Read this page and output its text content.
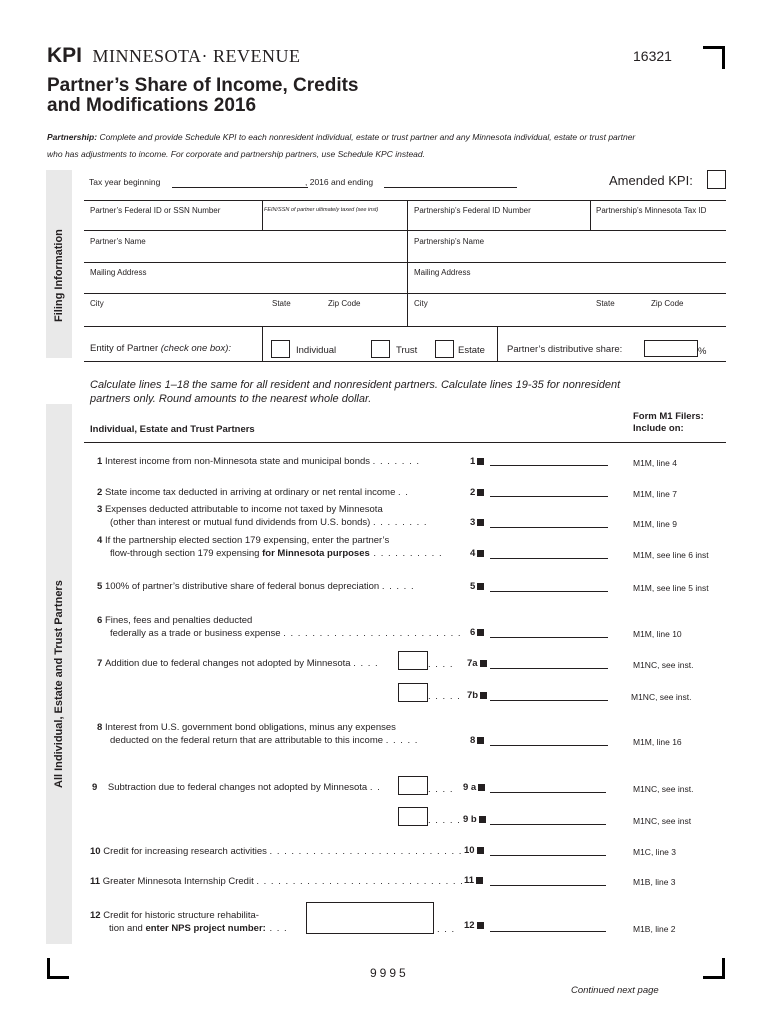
KPI MINNESOTA· REVENUE	16321
Partner’s Share of Income, Credits
and Modifications 2016
Partnership: Complete and provide Schedule KPI to each nonresident individual, estate or trust partner and any Minnesota individual, estate or trust partner
who has adjustments to income. For corporate and partnership partners, use Schedule KPC instead.
Filing Information
Tax year beginning	, 2016 and ending	Amended KPI:
Partner’s Federal ID or SSN Number	FEIN/SSN of partner ultimately taxed (see inst)	Partnership’s Federal ID Number	Partnership’s Minnesota Tax ID
Partner’s Name	Partnership’s Name
Mailing Address	Mailing Address
City	State	Zip Code	City	State	Zip Code
Entity of Partner (check one box):	Individual	Trust	Estate Partner’s distributive share:	%
Calculate lines 1–18 the same for all resident and nonresident partners. Calculate lines 19-35 for nonresident
partners only. Round amounts to the nearest whole dollar.
All Individual, Estate and Trust Partners
Individual, Estate and Trust Partners
Form M1 Filers:
Include on:
1 Interest income from non-Minnesota state and municipal bonds . . . . . . .	1	M1M, line 4
2 State income tax deducted in arriving at ordinary or net rental income . .	2	M1M, line 7
3 Expenses deducted attributable to income not taxed by Minnesota
(other than interest or mutual fund dividends from U.S. bonds) . . . . . . . .	3	M1M, line 9
4 If the partnership elected section 179 expensing, enter the partner’s
flow-through section 179 expensing for Minnesota purposes . . . . . . . . . .	4	M1M, see line 6 inst
5 100% of partner’s distributive share of federal bonus depreciation . . . . .	5	M1M, see line 5 inst
6 Fines, fees and penalties deducted
federally as a trade or business expense . . . . . . . . . . . . . . . . . . . . . . . . . 6	M1M, line 10
7 Addition due to federal changes not adopted by Minnesota . . . .	. . . . 7a	M1NC, see inst.
. . . . . 7b	M1NC, see inst.
8 Interest from U.S. government bond obligations, minus any expenses
deducted on the federal return that are attributable to this income . . . . .	8	M1M, line 16
9 Subtraction due to federal changes not adopted by Minnesota . .	. . . . 9 a	M1NC, see inst.
. . . . . 9 b	M1NC, see inst
10 Credit for increasing research activities . . . . . . . . . . . . . . . . . . . . . . . . . . . 10	M1C, line 3
11 Greater Minnesota Internship Credit . . . . . . . . . . . . . . . . . . . . . . . . . . . . . 11	M1B, line 3
12 Credit for historic structure rehabilita-
tion and enter NPS project number: . . .	. . . 12	M1B, line 2
9995
Continued next page
